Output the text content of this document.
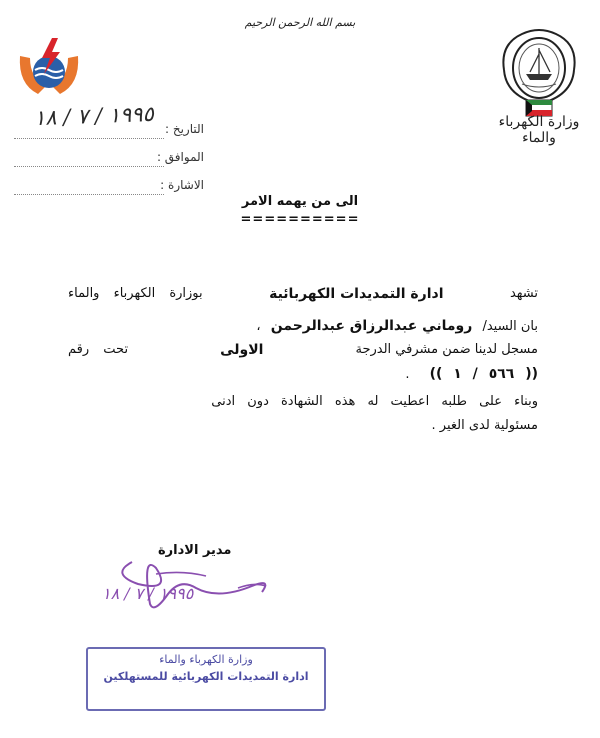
بسم الله الرحمن الرحيم
وزارة الكهرباء والماء
التاريخ :
١٩٩٥ / ٧ / ١٨
الموافق :
الاشارة :
الى من يهمه الامر
==========
تشهد
ادارة التمديدات الكهربائية
بوزارة الكهرباء والماء
بان السيد/ روماني عبدالرزاق عبدالرحمن ،
مسجل لدينا ضمن مشرفي الدرجة
الاولى
تحت رقم
(( ٥٦٦ / ١ )) .
وبناء على طلبه اعطيت له هذه الشهادة دون ادنى
مسئولية لدى الغير .
مدير الادارة
١٩٩٥ / ٧ / ١٨
وزارة الكهرباء والماء
ادارة التمديدات الكهربائية للمستهلكين
